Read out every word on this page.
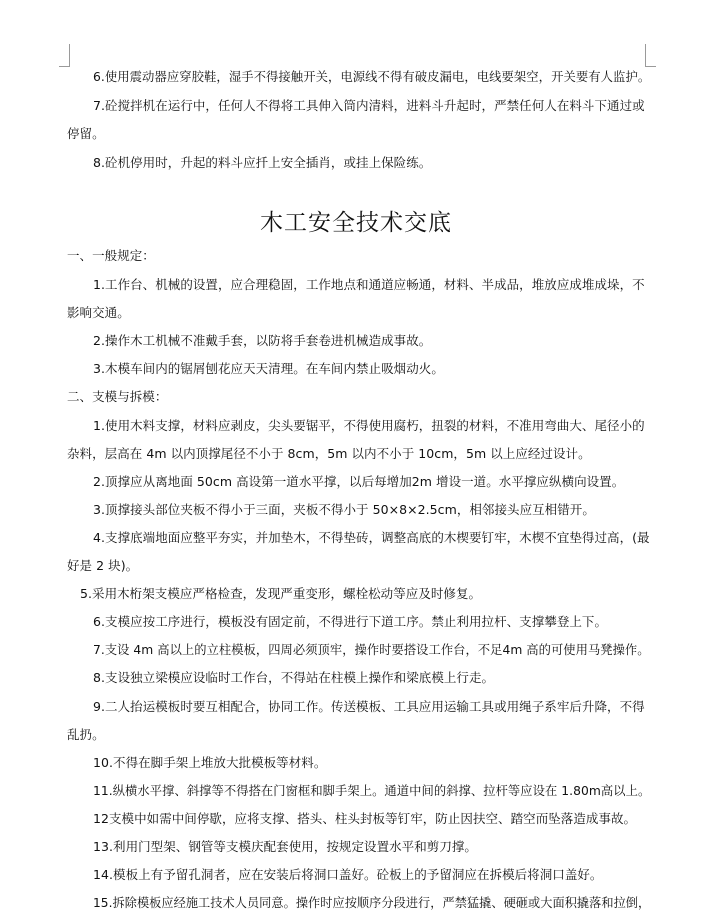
6.使用震动器应穿胶鞋，湿手不得接触开关，电源线不得有破皮漏电，电线要架空，开关要有人监护。

7.砼搅拌机在运行中，任何人不得将工具伸入筒内清料，进料斗升起时，严禁任何人在料斗下通过或

停留。

8.砼机停用时，升起的料斗应扦上安全插肖，或挂上保险练。

木工安全技术交底

一、一般规定：

1.工作台、机械的设置，应合理稳固，工作地点和通道应畅通，材料、半成品，堆放应成堆成垛，不

影响交通。

2.操作木工机械不准戴手套，以防将手套卷进机械造成事故。

3.木模车间内的锯屑刨花应天天清理。在车间内禁止吸烟动火。

二、支模与拆模：

1.使用木料支撑，材料应剥皮，尖头要锯平，不得使用腐朽，扭裂的材料，不准用弯曲大、尾径小的

杂料，层高在 4m 以内顶撑尾径不小于 8cm，5m 以内不小于 10cm，5m 以上应经过设计。

2.顶撑应从离地面 50cm 高设第一道水平撑，以后每增加2m 增设一道。水平撑应纵横向设置。

3.顶撑接头部位夹板不得小于三面，夹板不得小于 50×8×2.5cm，相邻接头应互相错开。

4.支撑底端地面应整平夯实，并加垫木，不得垫砖，调整高底的木楔要钉牢，木楔不宜垫得过高，(最

好是 2 块)。

5.采用木桁架支模应严格检查，发现严重变形，螺栓松动等应及时修复。

6.支模应按工序进行，模板没有固定前，不得进行下道工序。禁止利用拉杆、支撑攀登上下。

7.支设 4m 高以上的立柱模板，四周必须顶牢，操作时要搭设工作台，不足4m 高的可使用马凳操作。

8.支设独立梁模应设临时工作台，不得站在柱模上操作和梁底模上行走。

9.二人抬运模板时要互相配合，协同工作。传送模板、工具应用运输工具或用绳子系牢后升降，不得

乱扔。

10.不得在脚手架上堆放大批模板等材料。

11.纵横水平撑、斜撑等不得搭在门窗框和脚手架上。通道中间的斜撑、拉杆等应设在 1.80m高以上。

12支模中如需中间停歇，应将支撑、搭头、柱头封板等钉牢，防止因扶空、踏空而坠落造成事故。

13.利用门型架、钢管等支模庆配套使用，按规定设置水平和剪刀撑。

14.模板上有予留孔洞者，应在安装后将洞口盖好。砼板上的予留洞应在拆模后将洞口盖好。

15.拆除模板应经施工技术人员同意。操作时应按顺序分段进行，严禁猛撬、硬砸或大面积撬落和拉倒，
